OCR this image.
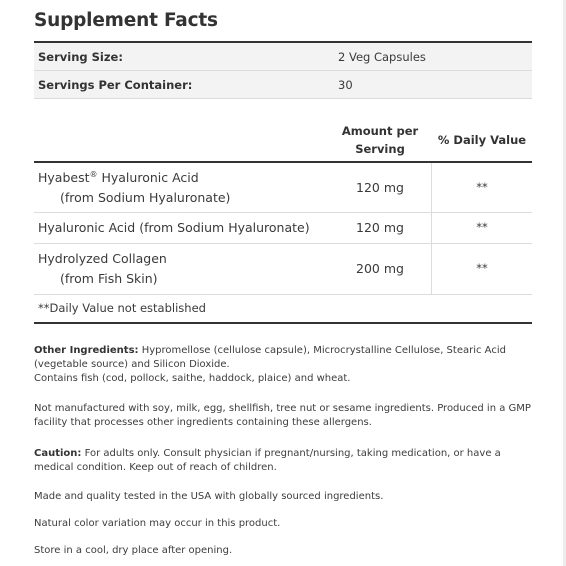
Supplement Facts
Serving Size:	2 Veg Capsules
Servings Per Container:	30
Amount per
Serving
% Daily Value
Hyabest® Hyaluronic Acid
(from Sodium Hyaluronate)
120 mg	**
Hyaluronic Acid (from Sodium Hyaluronate)	120 mg	**
Hydrolyzed Collagen
(from Fish Skin)
200 mg	**
**Daily Value not established
Other Ingredients: Hypromellose (cellulose capsule), Microcrystalline Cellulose, Stearic Acid (vegetable source) and Silicon Dioxide.
Contains fish (cod, pollock, saithe, haddock, plaice) and wheat.
Not manufactured with soy, milk, egg, shellfish, tree nut or sesame ingredients. Produced in a GMP facility that processes other ingredients containing these allergens.
Caution: For adults only. Consult physician if pregnant/nursing, taking medication, or have a medical condition. Keep out of reach of children.
Made and quality tested in the USA with globally sourced ingredients.
Natural color variation may occur in this product.
Store in a cool, dry place after opening.
